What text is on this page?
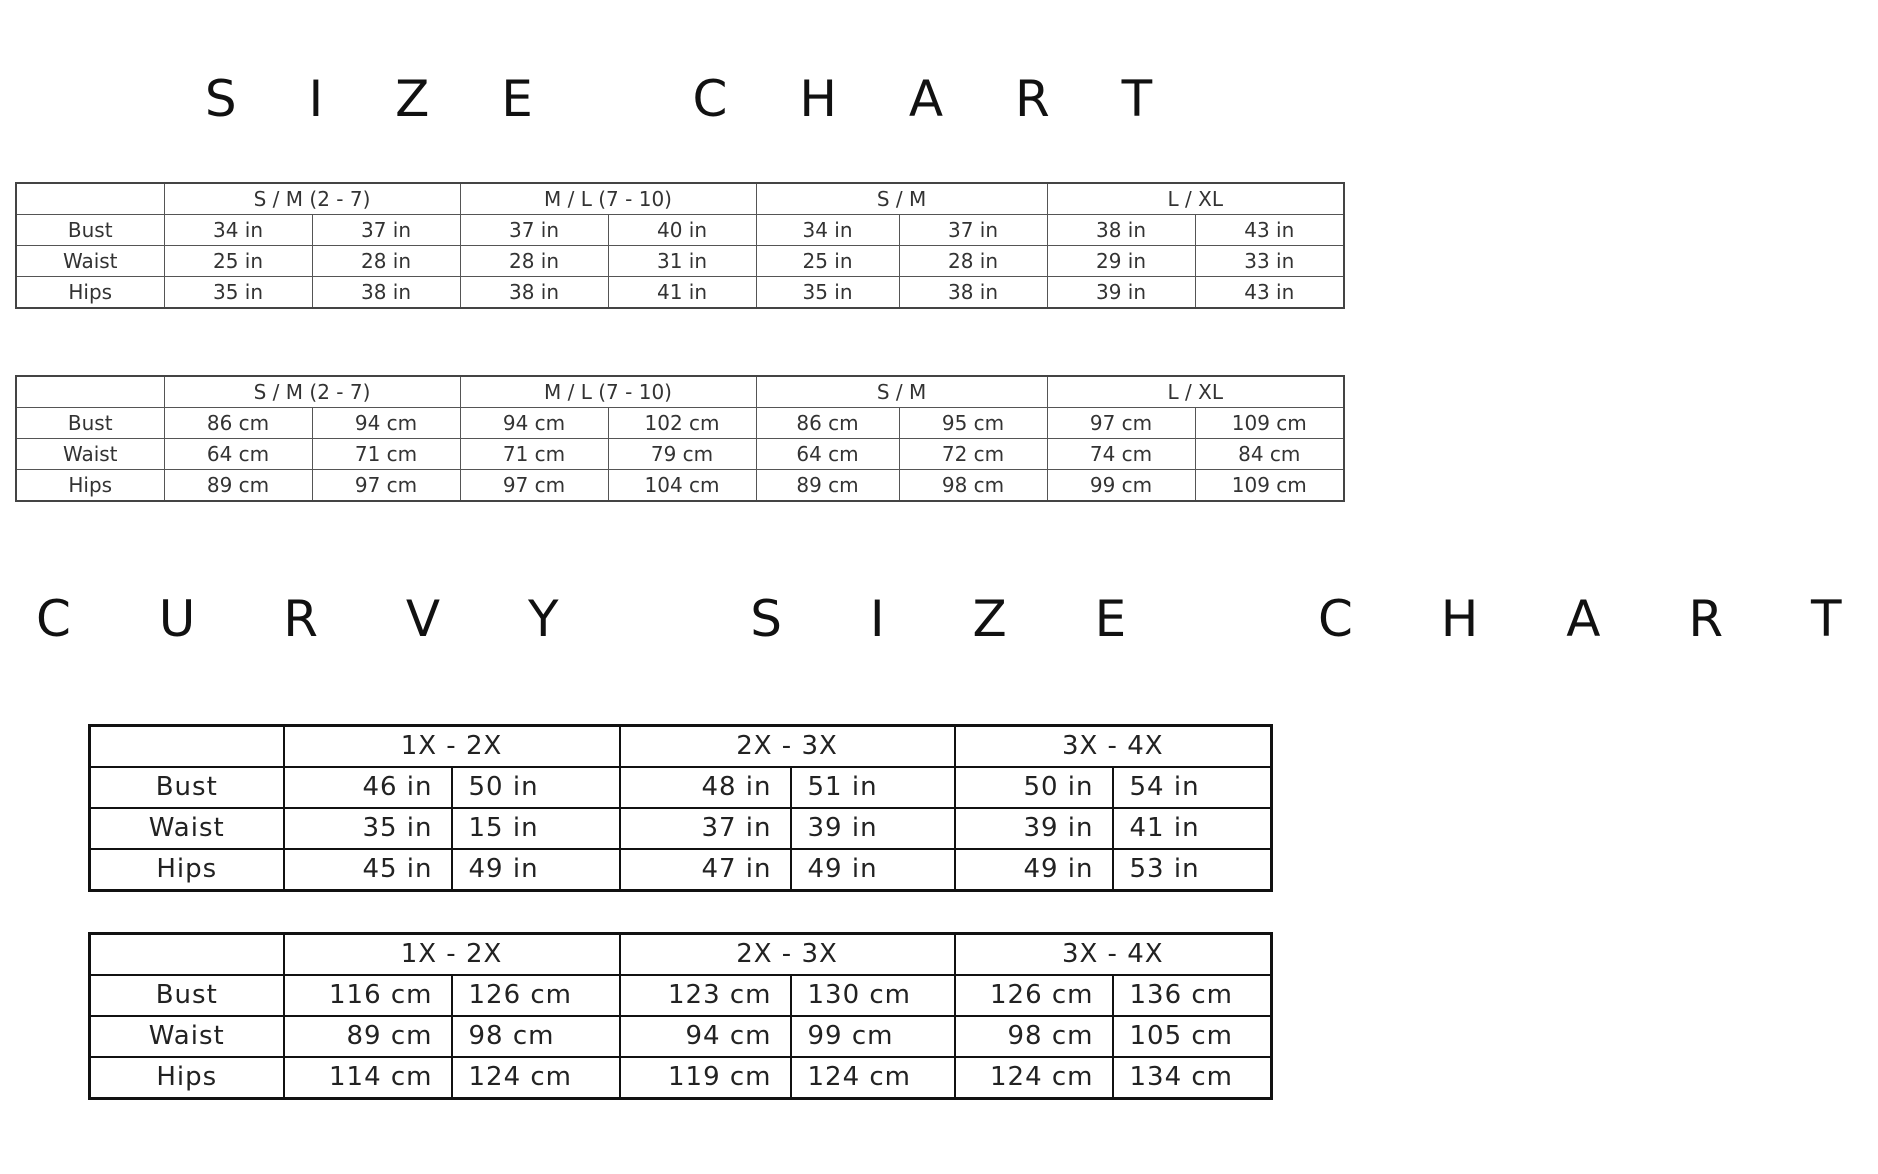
S I Z E   C H A R T
	S / M (2 - 7)		M / L (7 - 10)		S / M		L / XL	
Bust	34 in	37 in	37 in	40 in	34 in	37 in	38 in	43 in
Waist	25 in	28 in	28 in	31 in	25 in	28 in	29 in	33 in
Hips	35 in	38 in	38 in	41 in	35 in	38 in	39 in	43 in
	S / M (2 - 7)		M / L (7 - 10)		S / M		L / XL	
Bust	86 cm	94 cm	94 cm	102 cm	86 cm	95 cm	97 cm	109 cm
Waist	64 cm	71 cm	71 cm	79 cm	64 cm	72 cm	74 cm	84 cm
Hips	89 cm	97 cm	97 cm	104 cm	89 cm	98 cm	99 cm	109 cm
C U R V Y   S I Z E   C H A R T
	1X - 2X		2X - 3X		3X - 4X	
Bust	46 in	50 in	48 in	51 in	50 in	54 in
Waist	35 in	15 in	37 in	39 in	39 in	41 in
Hips	45 in	49 in	47 in	49 in	49 in	53 in
	1X - 2X		2X - 3X		3X - 4X	
Bust	116 cm	126 cm	123 cm	130 cm	126 cm	136 cm
Waist	89 cm	98 cm	94 cm	99 cm	98 cm	105 cm
Hips	114 cm	124 cm	119 cm	124 cm	124 cm	134 cm
